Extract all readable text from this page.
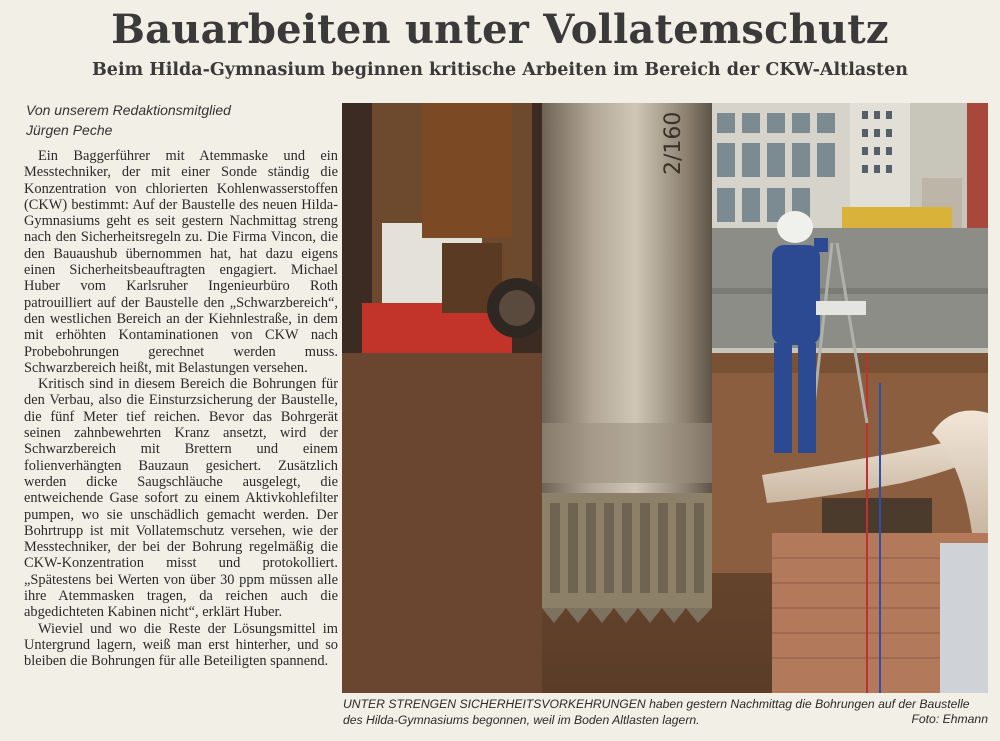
Bauarbeiten unter Vollatemschutz
Beim Hilda-Gymnasium beginnen kritische Arbeiten im Bereich der CKW-Altlasten
Von unserem Redaktionsmitglied
Jürgen Peche

Ein Baggerführer mit Atemmaske und ein Messtechniker, der mit einer Sonde ständig die Konzentration von chlorierten Kohlenwasserstoffen (CKW) bestimmt: Auf der Baustelle des neuen Hilda-Gymnasiums geht es seit gestern Nachmittag streng nach den Sicherheitsregeln zu. Die Firma Vincon, die den Bauaushub übernommen hat, hat dazu eigens einen Sicherheitsbeauftragten engagiert. Michael Huber vom Karlsruher Ingenieurbüro Roth patrouilliert auf der Baustelle den „Schwarzbereich“, den westlichen Bereich an der Kiehnlestraße, in dem mit erhöhten Kontaminationen von CKW nach Probebohrungen gerechnet werden muss. Schwarzbereich heißt, mit Belastungen versehen.

Kritisch sind in diesem Bereich die Bohrungen für den Verbau, also die Einsturzsicherung der Baustelle, die fünf Meter tief reichen. Bevor das Bohrgerät seinen zahnbewehrten Kranz ansetzt, wird der Schwarzbereich mit Brettern und einem folienverhängten Bauzaun gesichert. Zusätzlich werden dicke Saugschläuche ausgelegt, die entweichende Gase sofort zu einem Aktivkohlefilter pumpen, wo sie unschädlich gemacht werden. Der Bohrtrupp ist mit Vollatemschutz versehen, wie der Messtechniker, der bei der Bohrung regelmäßig die CKW-Konzentration misst und protokolliert. „Spätestens bei Werten von über 30 ppm müssen alle ihre Atemmasken tragen, da reichen auch die abgedichteten Kabinen nicht“, erklärt Huber.

Wieviel und wo die Reste der Lösungsmittel im Untergrund lagern, weiß man erst hinterher, und so bleiben die Bohrungen für alle Beteiligten spannend.

2/160
UNTER STRENGEN SICHERHEITSVORKEHRUNGEN haben gestern Nachmittag die Bohrungen auf der Baustelle des Hilda-Gymnasiums begonnen, weil im Boden Altlasten lagern.	Foto: Ehmann
